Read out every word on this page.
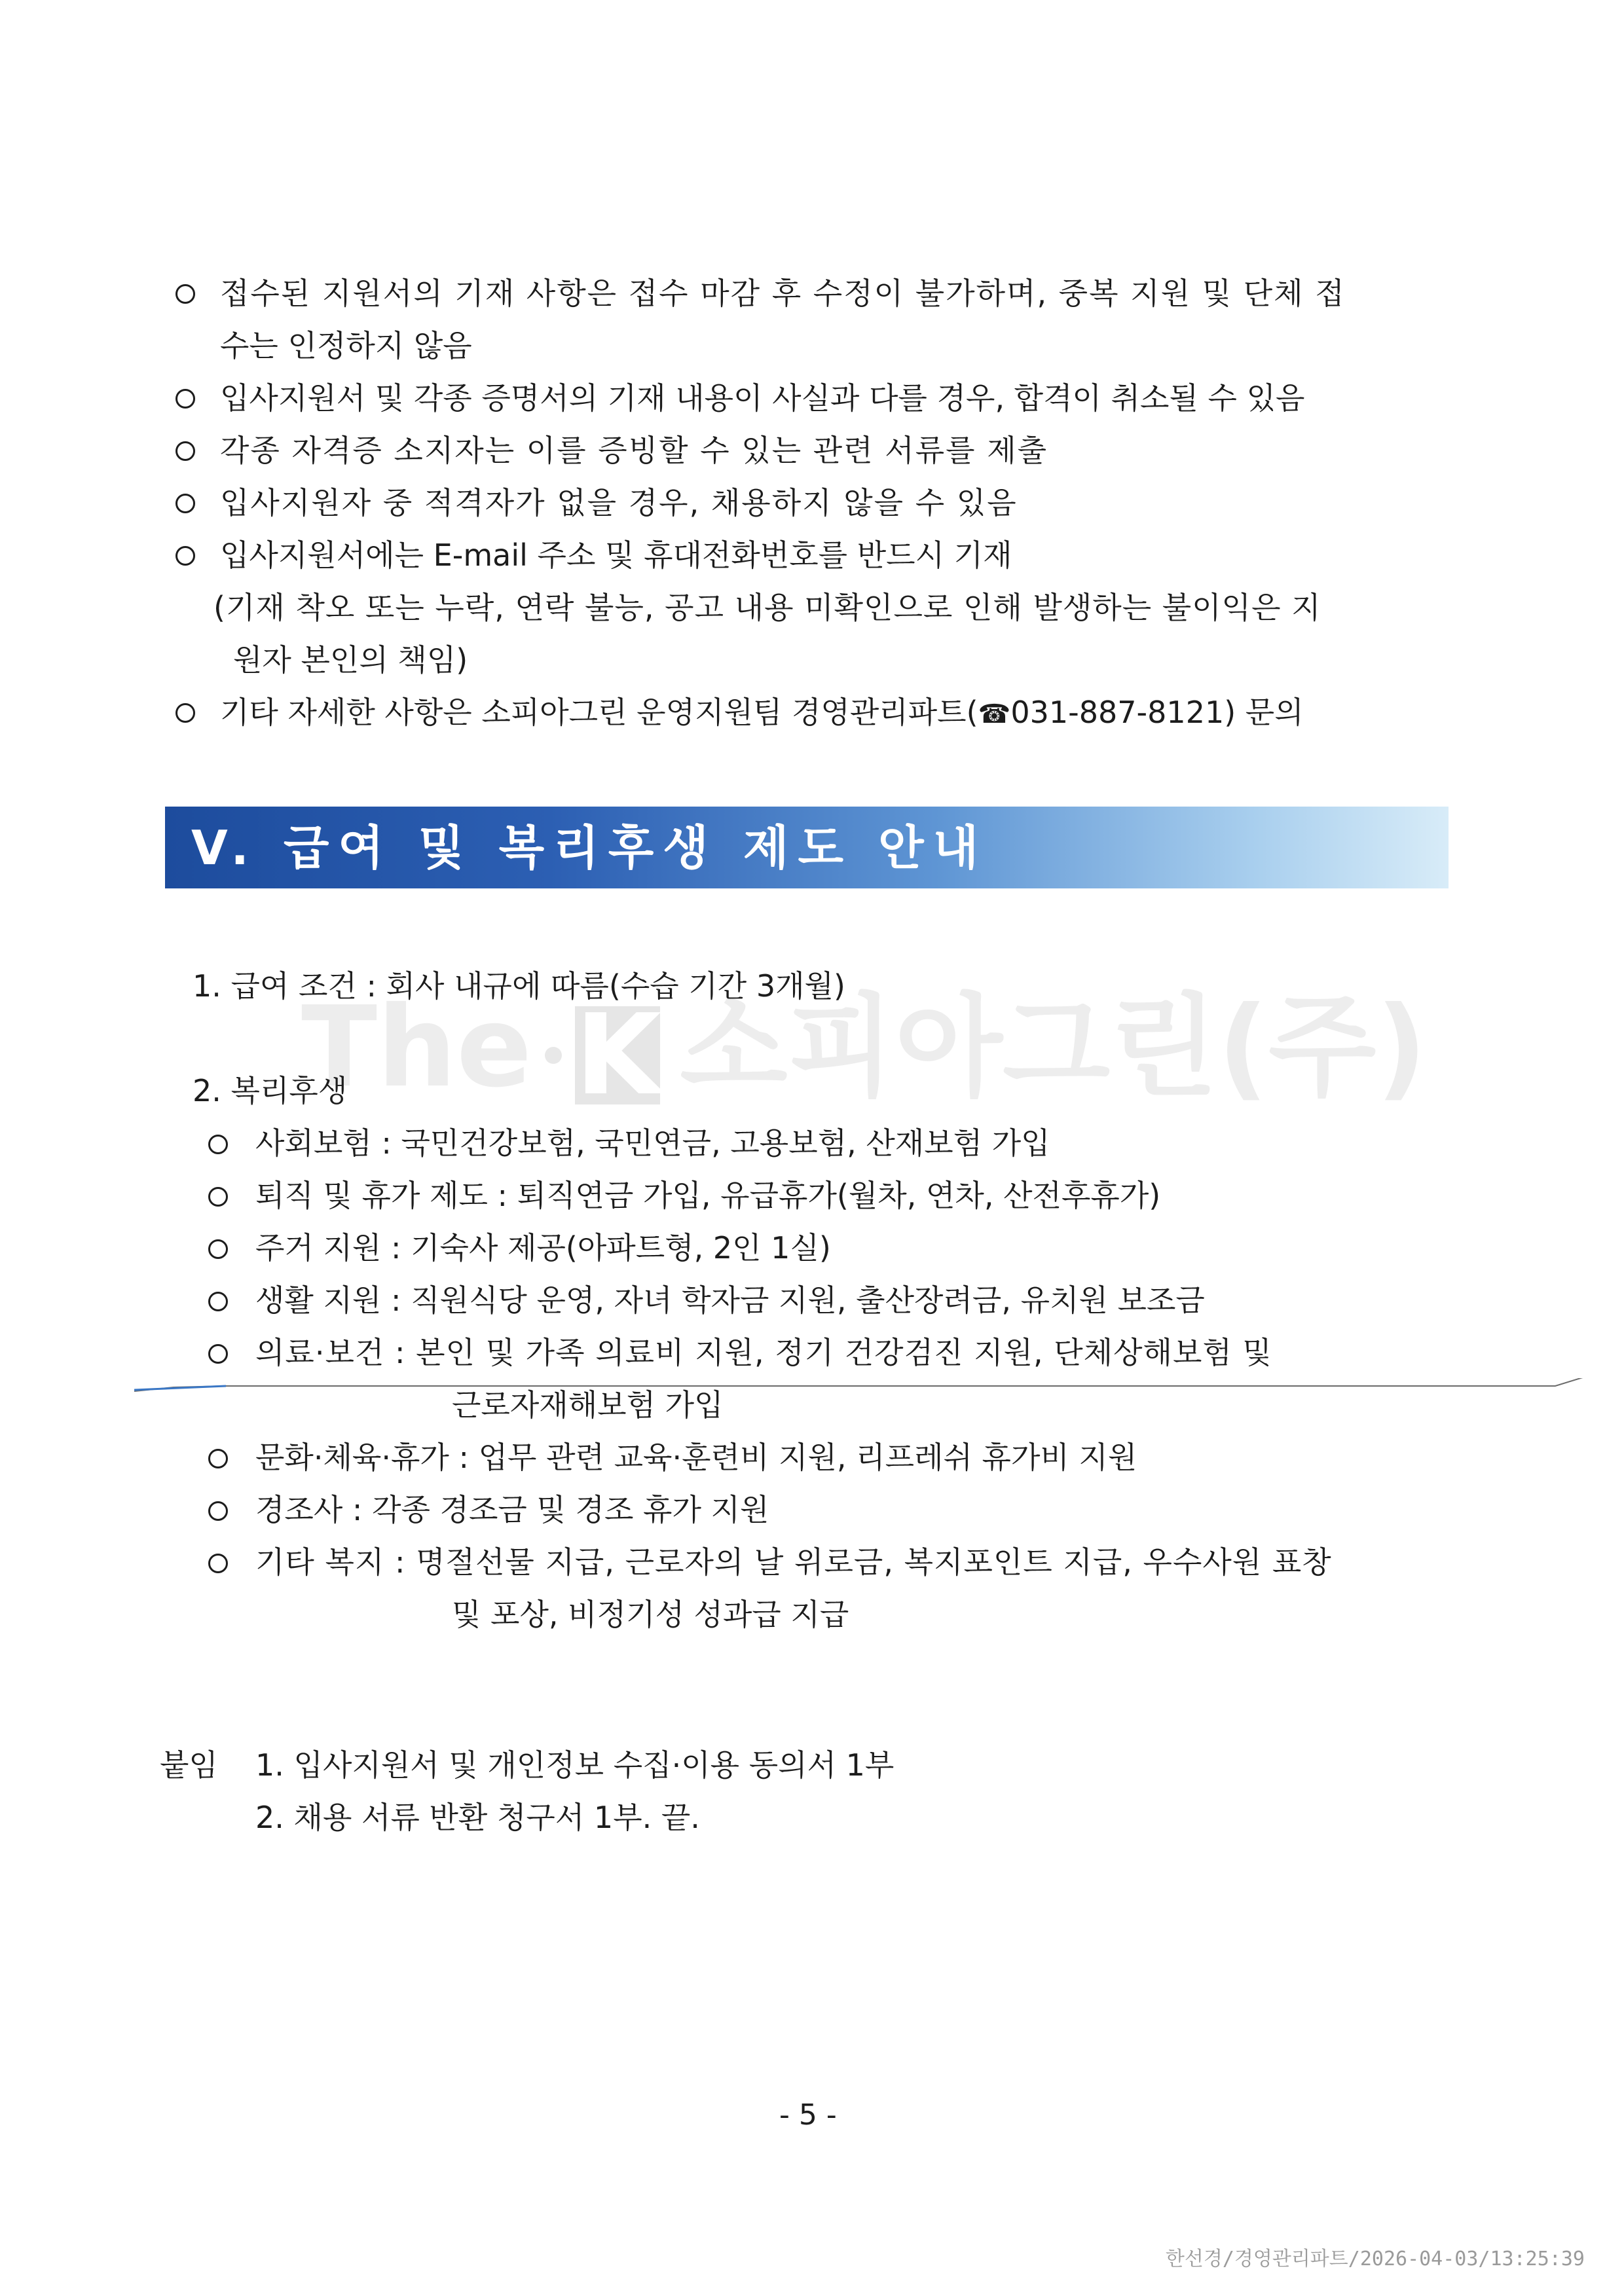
The K 소피아그린(주)
접수된 지원서의 기재 사항은 접수 마감 후 수정이 불가하며, 중복 지원 및 단체 접
수는 인정하지 않음
입사지원서 및 각종 증명서의 기재 내용이 사실과 다를 경우, 합격이 취소될 수 있음
각종 자격증 소지자는 이를 증빙할 수 있는 관련 서류를 제출
입사지원자 중 적격자가 없을 경우, 채용하지 않을 수 있음
입사지원서에는 E-mail 주소 및 휴대전화번호를 반드시 기재
(기재 착오 또는 누락, 연락 불능, 공고 내용 미확인으로 인해 발생하는 불이익은 지
원자 본인의 책임)
기타 자세한 사항은 소피아그린 운영지원팀 경영관리파트(☎031-887-8121) 문의
V. 급여 및 복리후생 제도 안내
1. 급여 조건 : 회사 내규에 따름(수습 기간 3개월)
2. 복리후생
사회보험 : 국민건강보험, 국민연금, 고용보험, 산재보험 가입
퇴직 및 휴가 제도 : 퇴직연금 가입, 유급휴가(월차, 연차, 산전후휴가)
주거 지원 : 기숙사 제공(아파트형, 2인 1실)
생활 지원 : 직원식당 운영, 자녀 학자금 지원, 출산장려금, 유치원 보조금
의료·보건 : 본인 및 가족 의료비 지원, 정기 건강검진 지원, 단체상해보험 및
근로자재해보험 가입
문화·체육·휴가 : 업무 관련 교육·훈련비 지원, 리프레쉬 휴가비 지원
경조사 : 각종 경조금 및 경조 휴가 지원
기타 복지 : 명절선물 지급, 근로자의 날 위로금, 복지포인트 지급, 우수사원 표창
및 포상, 비정기성 성과급 지급
붙임 1. 입사지원서 및 개인정보 수집·이용 동의서 1부
2. 채용 서류 반환 청구서 1부. 끝.
- 5 -
한선경/경영관리파트/2026-04-03/13:25:39
